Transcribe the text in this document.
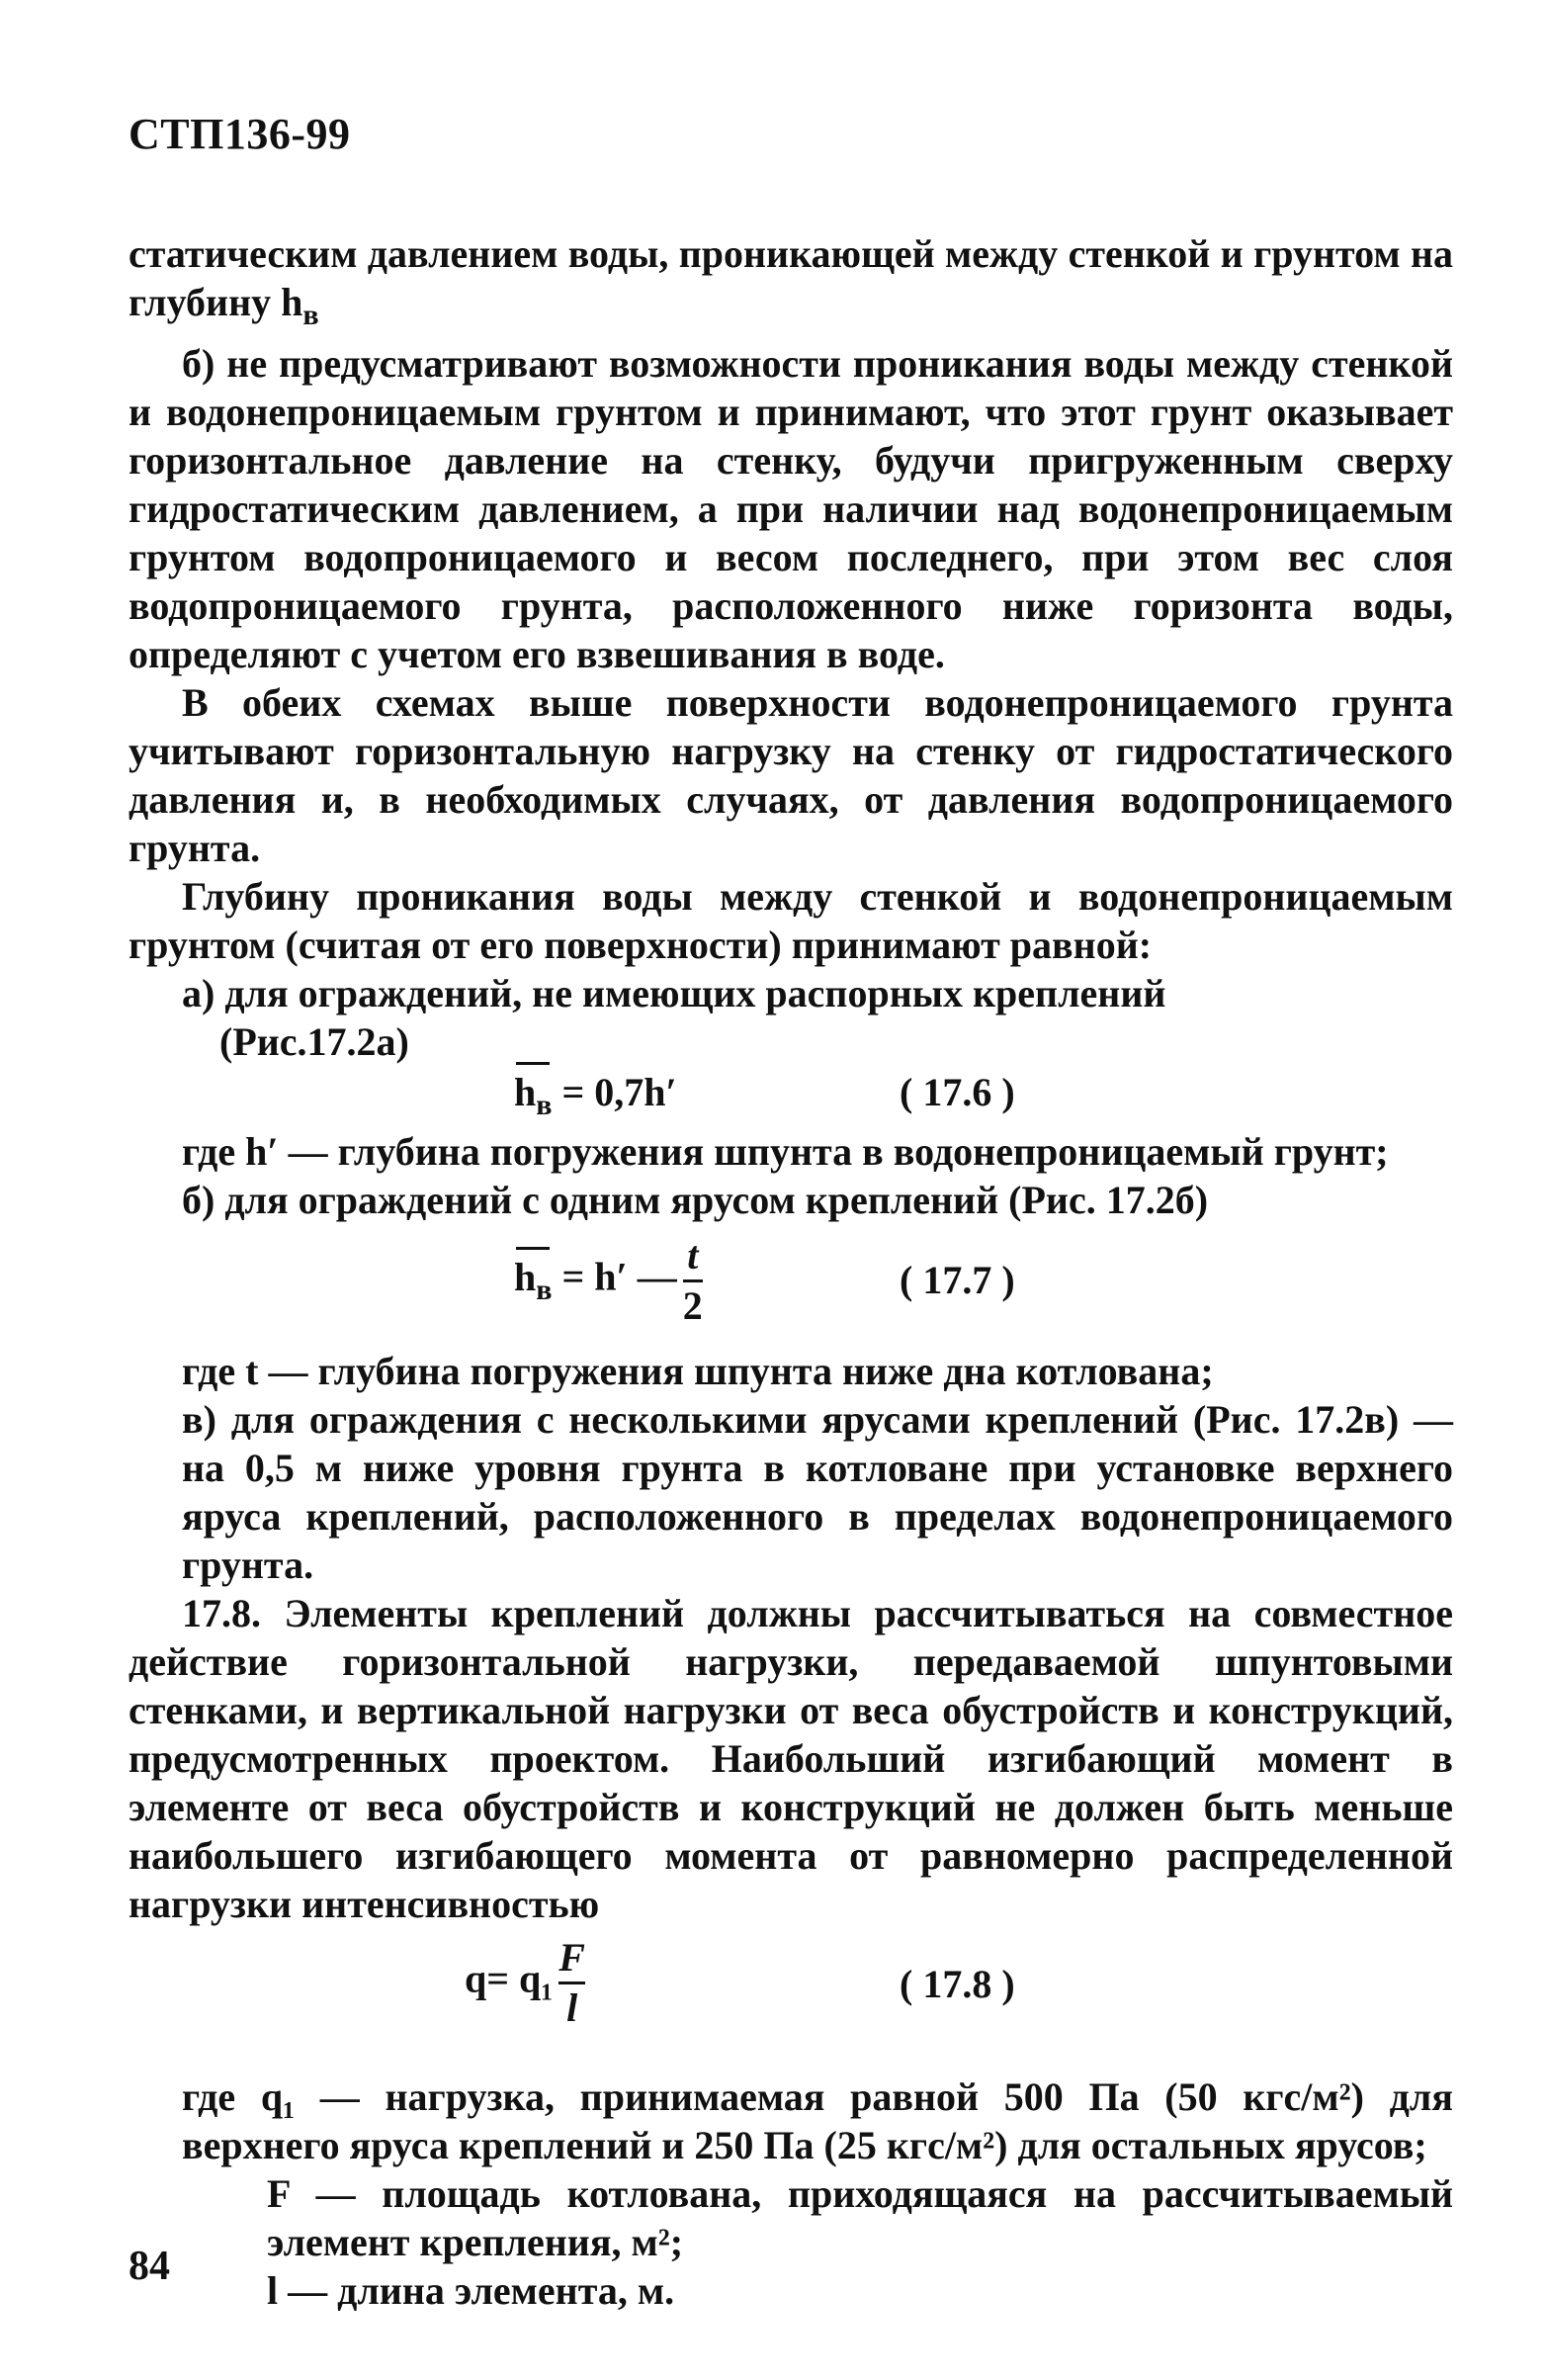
СТП136-99

статическим давлением воды, проникающей между стенкой и грунтом на глубину $h_в$

б) не предусматривают возможности проникания воды между стенкой и водонепроницаемым грунтом и принимают, что этот грунт оказывает горизонтальное давление на стенку, будучи пригруженным сверху гидростатическим давлением, а при наличии над водонепроницаемым грунтом водопроницаемого и весом последнего, при этом вес слоя водопроницаемого грунта, расположенного ниже горизонта воды, определяют с учетом его взвешивания в воде.

В обеих схемах выше поверхности водонепроницаемого грунта учитывают горизонтальную нагрузку на стенку от гидростатического давления и, в необходимых случаях, от давления водопроницаемого грунта.

Глубину проникания воды между стенкой и водонепроницаемым грунтом (считая от его поверхности) принимают равной:

а) для ограждений, не имеющих распорных креплений

(Рис.17.2а)

$h_в = 0,7h'$	( 17.6 )

где h′ — глубина погружения шпунта в водонепроницаемый грунт;

б) для ограждений с одним ярусом креплений (Рис. 17.2б)

$h_в = h'$ — $\frac{t}{2}$	( 17.7 )

где t — глубина погружения шпунта ниже дна котлована;

в) для ограждения с несколькими ярусами креплений (Рис. 17.2в) — на 0,5 м ниже уровня грунта в котловане при установке верхнего яруса креплений, расположенного в пределах водонепроницаемого грунта.

17.8. Элементы креплений должны рассчитываться на совместное действие горизонтальной нагрузки, передаваемой шпунтовыми стенками, и вертикальной нагрузки от веса обустройств и конструкций, предусмотренных проектом. Наибольший изгибающий момент в элементе от веса обустройств и конструкций не должен быть меньше наибольшего изгибающего момента от равномерно распределенной нагрузки интенсивностью

$q= q_1 \frac{F}{l}$	( 17.8 )

где q₁ — нагрузка, принимаемая равной 500 Па (50 кгс/м²) для верхнего яруса креплений и 250 Па (25 кгс/м²) для остальных ярусов;

F — площадь котлована, приходящаяся на рассчитываемый элемент крепления, м²;

l — длина элемента, м.

84
